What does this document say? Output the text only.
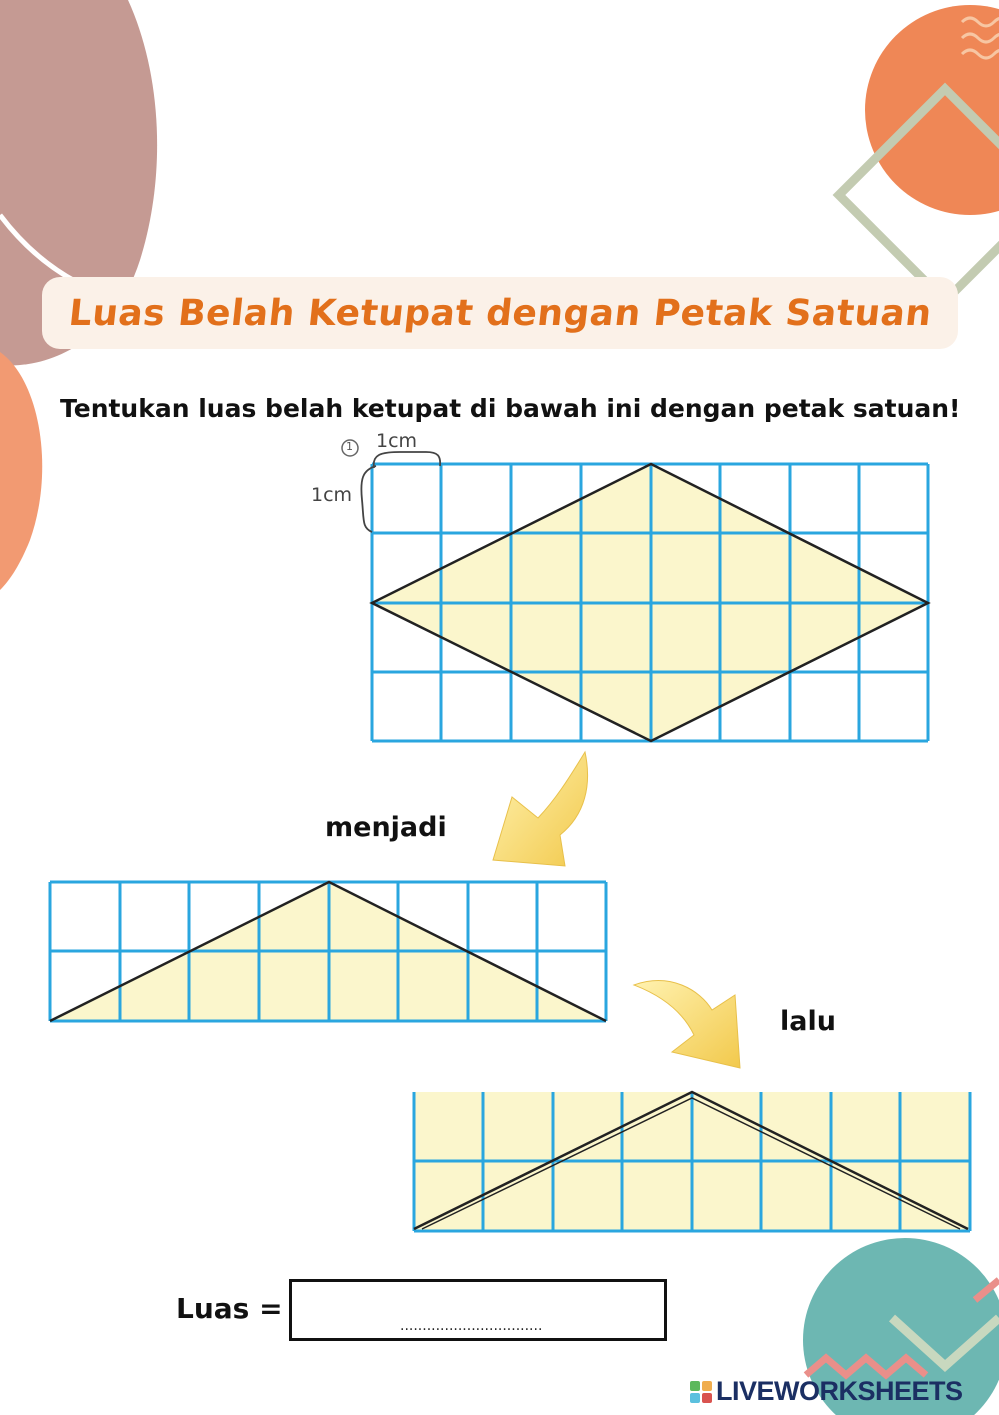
Luas Belah Ketupat dengan Petak Satuan
Tentukan luas belah ketupat di bawah ini dengan petak satuan!
1 1cm
1cm
menjadi
lalu
Luas =
................................
LIVEWORKSHEETS
